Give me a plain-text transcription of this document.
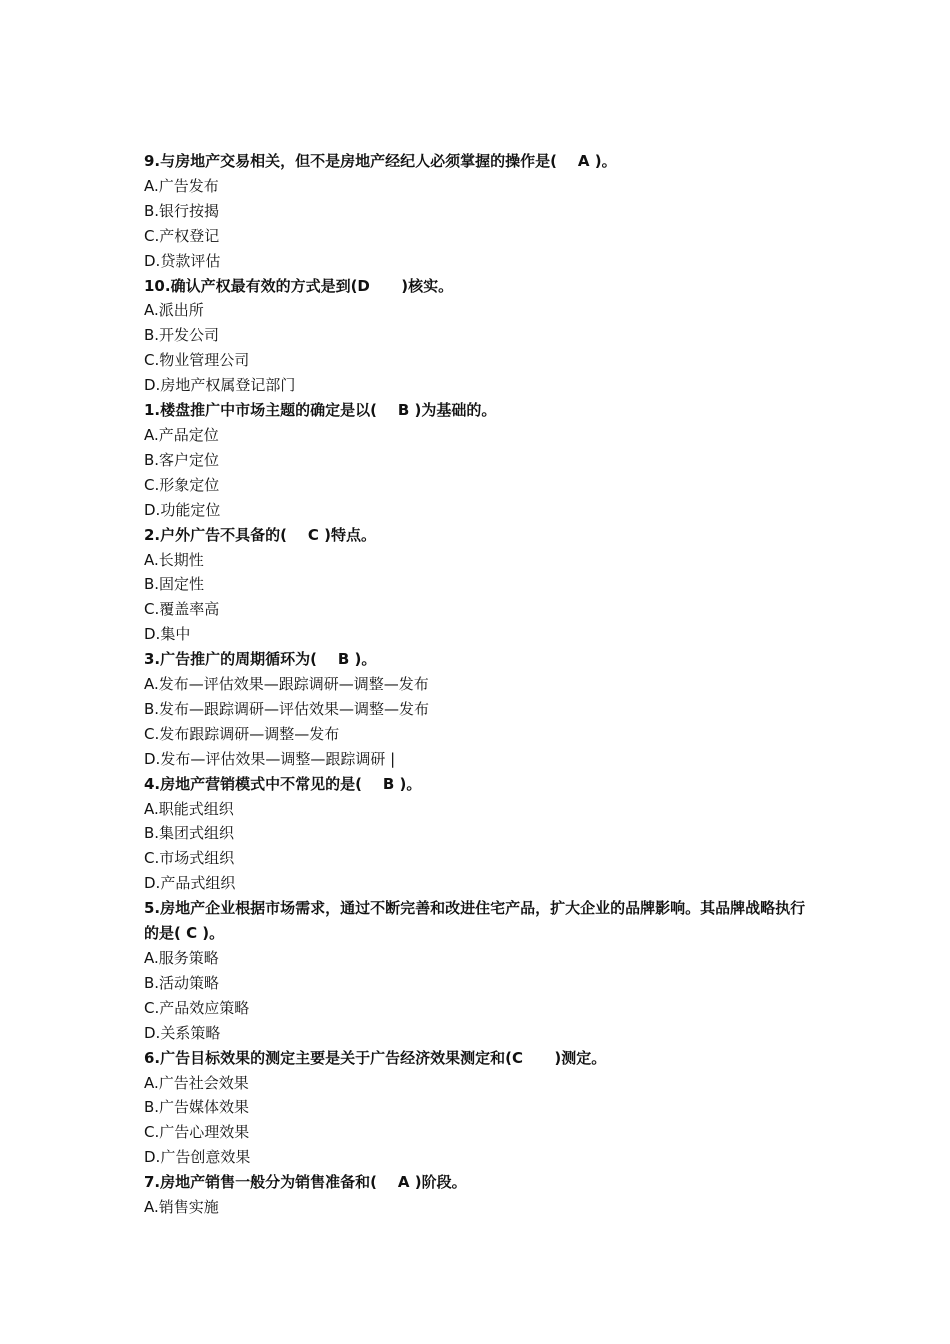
9.与房地产交易相关，但不是房地产经纪人必须掌握的操作是(    A )。

A.广告发布

B.银行按揭

C.产权登记

D.贷款评估

10.确认产权最有效的方式是到(D      )核实。

A.派出所

B.开发公司

C.物业管理公司

D.房地产权属登记部门

1.楼盘推广中市场主题的确定是以(    B )为基础的。

A.产品定位

B.客户定位

C.形象定位

D.功能定位

2.户外广告不具备的(    C )特点。

A.长期性

B.固定性

C.覆盖率高

D.集中

3.广告推广的周期循环为(    B )。

A.发布—评估效果—跟踪调研—调整—发布

B.发布—跟踪调研—评估效果—调整—发布

C.发布跟踪调研—调整—发布

D.发布—评估效果—调整—跟踪调研 |

4.房地产营销模式中不常见的是(    B )。

A.职能式组织

B.集团式组织

C.市场式组织

D.产品式组织

5.房地产企业根据市场需求，通过不断完善和改进住宅产品，扩大企业的品牌影响。其品牌战略执行的是( C )。

A.服务策略

B.活动策略

C.产品效应策略

D.关系策略

6.广告目标效果的测定主要是关于广告经济效果测定和(C      )测定。

A.广告社会效果

B.广告媒体效果

C.广告心理效果

D.广告创意效果

7.房地产销售一般分为销售准备和(    A )阶段。

A.销售实施
